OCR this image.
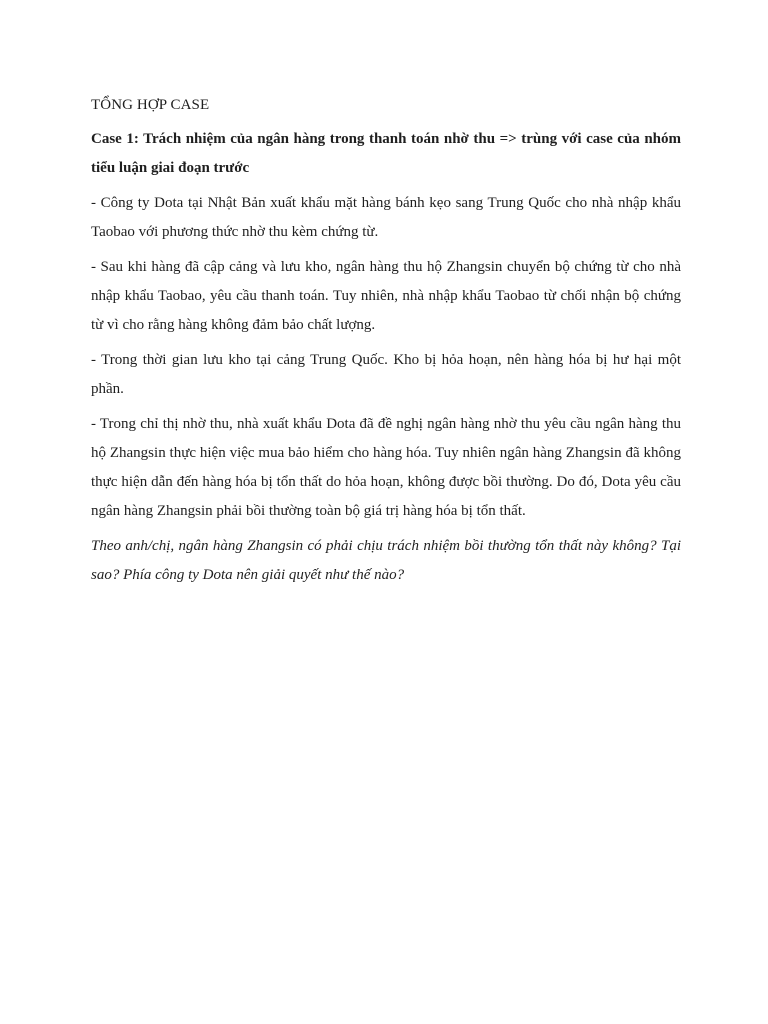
TỔNG HỢP CASE

Case 1: Trách nhiệm của ngân hàng trong thanh toán nhờ thu => trùng với case của nhóm tiểu luận giai đoạn trước

- Công ty Dota tại Nhật Bản xuất khẩu mặt hàng bánh kẹo sang Trung Quốc cho nhà nhập khẩu Taobao với phương thức nhờ thu kèm chứng từ.

- Sau khi hàng đã cập cảng và lưu kho, ngân hàng thu hộ Zhangsin chuyển bộ chứng từ cho nhà nhập khẩu Taobao, yêu cầu thanh toán. Tuy nhiên, nhà nhập khẩu Taobao từ chối nhận bộ chứng từ vì cho rằng hàng không đảm bảo chất lượng.

- Trong thời gian lưu kho tại cảng Trung Quốc. Kho bị hỏa hoạn, nên hàng hóa bị hư hại một phần.

- Trong chỉ thị nhờ thu, nhà xuất khẩu Dota đã đề nghị ngân hàng nhờ thu yêu cầu ngân hàng thu hộ Zhangsin thực hiện việc mua bảo hiểm cho hàng hóa. Tuy nhiên ngân hàng Zhangsin đã không thực hiện dẫn đến hàng hóa bị tổn thất do hỏa hoạn, không được bồi thường. Do đó, Dota yêu cầu ngân hàng Zhangsin phải bồi thường toàn bộ giá trị hàng hóa bị tổn thất.

Theo anh/chị, ngân hàng Zhangsin có phải chịu trách nhiệm bồi thường tổn thất này không? Tại sao? Phía công ty Dota nên giải quyết như thế nào?
